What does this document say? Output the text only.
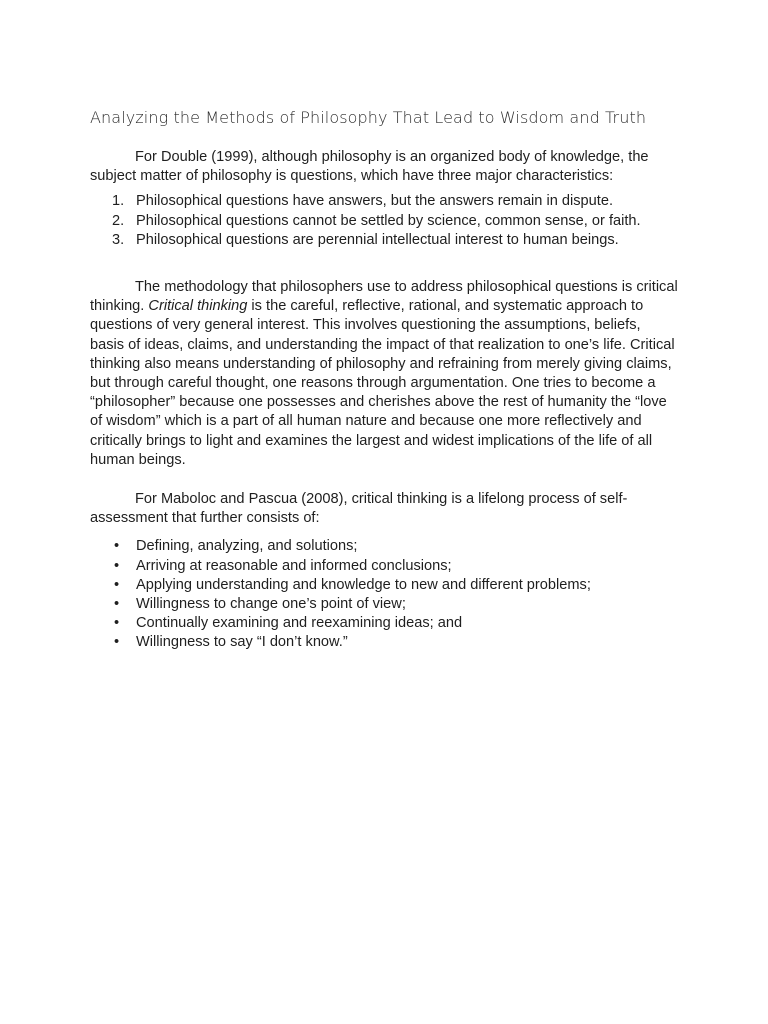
Analyzing the Methods of Philosophy That Lead to Wisdom and Truth

For Double (1999), although philosophy is an organized body of knowledge, the subject matter of philosophy is questions, which have three major characteristics:

1. Philosophical questions have answers, but the answers remain in dispute.
2. Philosophical questions cannot be settled by science, common sense, or faith.
3. Philosophical questions are perennial intellectual interest to human beings.

The methodology that philosophers use to address philosophical questions is critical thinking. Critical thinking is the careful, reflective, rational, and systematic approach to questions of very general interest. This involves questioning the assumptions, beliefs, basis of ideas, claims, and understanding the impact of that realization to one’s life. Critical thinking also means understanding of philosophy and refraining from merely giving claims, but through careful thought, one reasons through argumentation. One tries to become a “philosopher” because one possesses and cherishes above the rest of humanity the “love of wisdom” which is a part of all human nature and because one more reflectively and critically brings to light and examines the largest and widest implications of the life of all human beings.

For Maboloc and Pascua (2008), critical thinking is a lifelong process of self-assessment that further consists of:

• Defining, analyzing, and solutions;
• Arriving at reasonable and informed conclusions;
• Applying understanding and knowledge to new and different problems;
• Willingness to change one’s point of view;
• Continually examining and reexamining ideas; and
• Willingness to say “I don’t know.”
